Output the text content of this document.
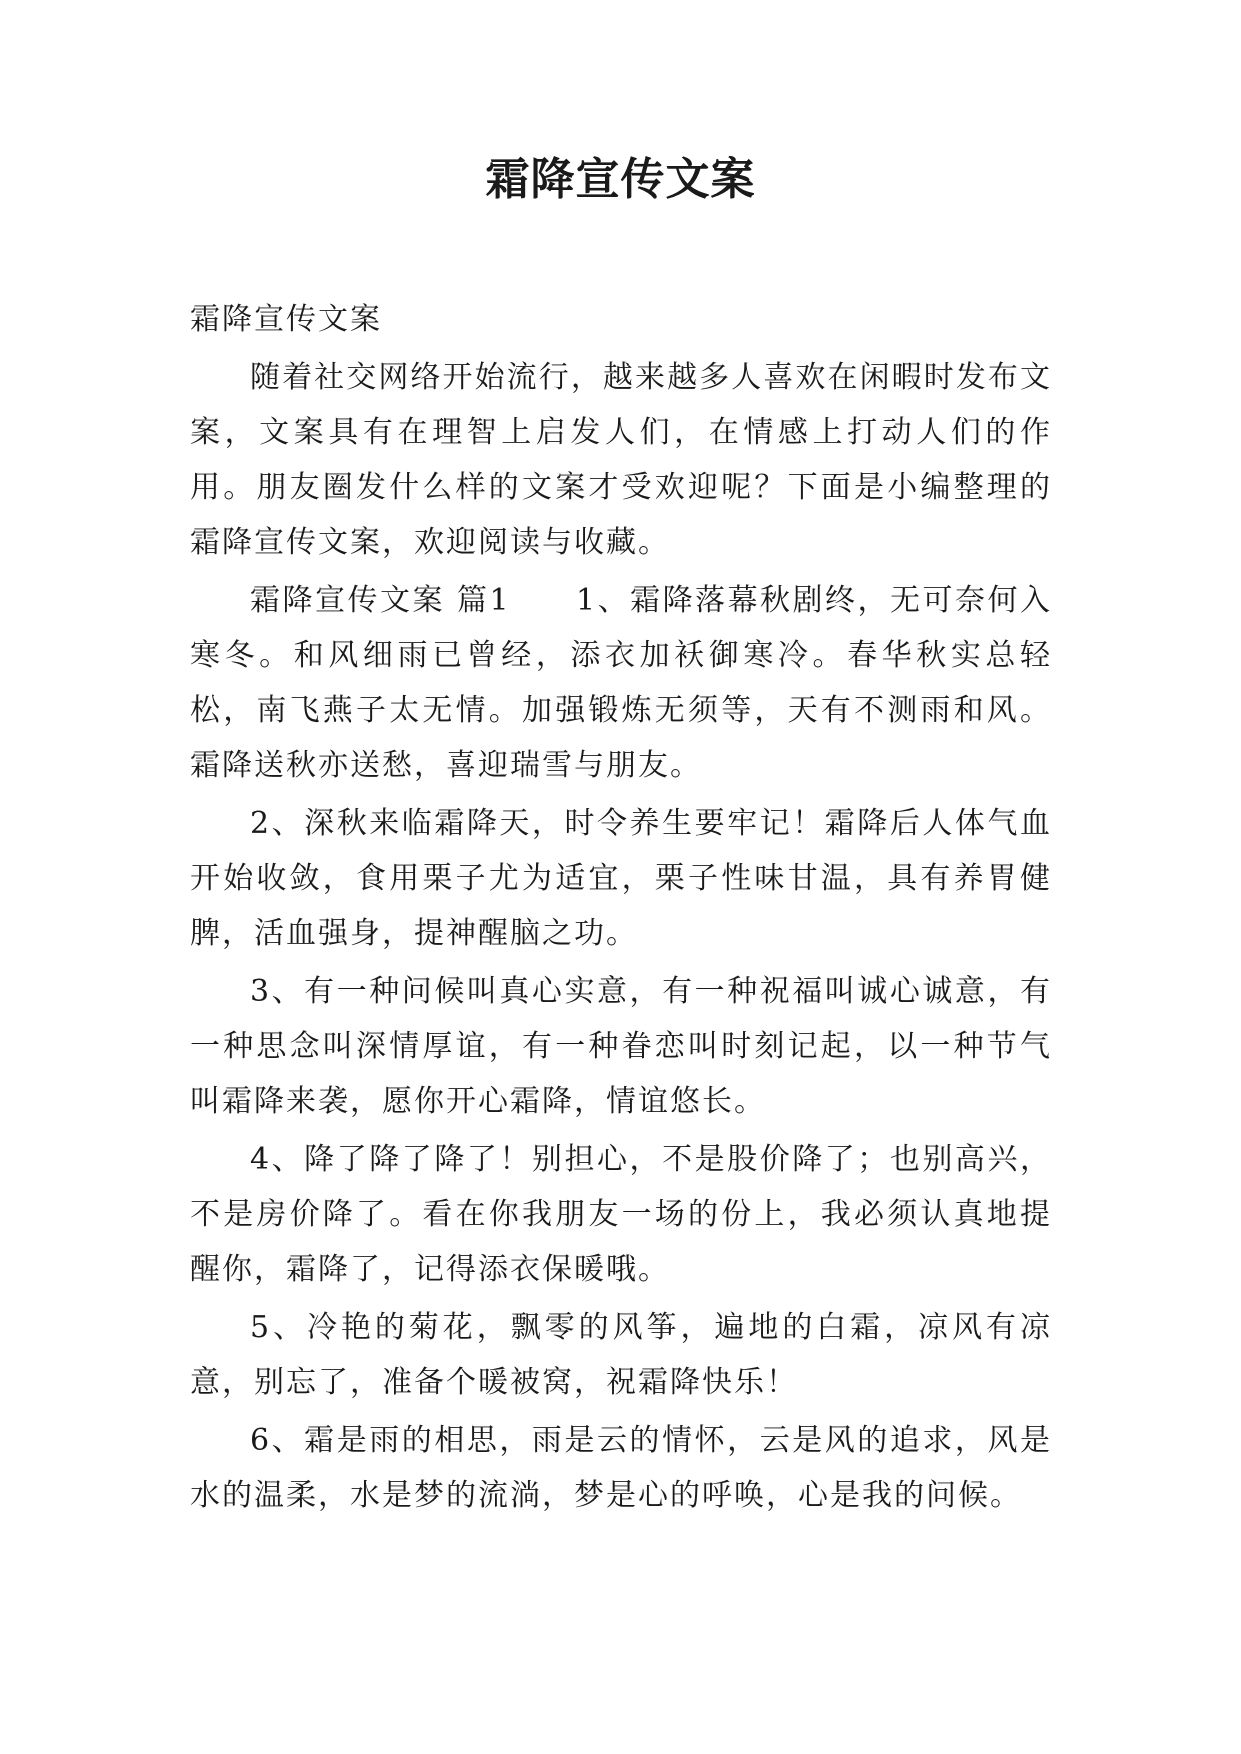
霜降宣传文案

霜降宣传文案

随着社交网络开始流行，越来越多人喜欢在闲暇时发布文案，文案具有在理智上启发人们，在情感上打动人们的作用。朋友圈发什么样的文案才受欢迎呢？下面是小编整理的霜降宣传文案，欢迎阅读与收藏。

霜降宣传文案 篇1　　1、霜降落幕秋剧终，无可奈何入寒冬。和风细雨已曾经，添衣加袄御寒冷。春华秋实总轻松，南飞燕子太无情。加强锻炼无须等，天有不测雨和风。霜降送秋亦送愁，喜迎瑞雪与朋友。

2、深秋来临霜降天，时令养生要牢记！霜降后人体气血开始收敛，食用栗子尤为适宜，栗子性味甘温，具有养胃健脾，活血强身，提神醒脑之功。

3、有一种问候叫真心实意，有一种祝福叫诚心诚意，有一种思念叫深情厚谊，有一种眷恋叫时刻记起，以一种节气叫霜降来袭，愿你开心霜降，情谊悠长。

4、降了降了降了！别担心，不是股价降了；也别高兴，不是房价降了。看在你我朋友一场的份上，我必须认真地提醒你，霜降了，记得添衣保暖哦。

5、冷艳的菊花，飘零的风筝，遍地的白霜，凉风有凉意，别忘了，准备个暖被窝，祝霜降快乐！

6、霜是雨的相思，雨是云的情怀，云是风的追求，风是水的温柔，水是梦的流淌，梦是心的呼唤，心是我的问候。
